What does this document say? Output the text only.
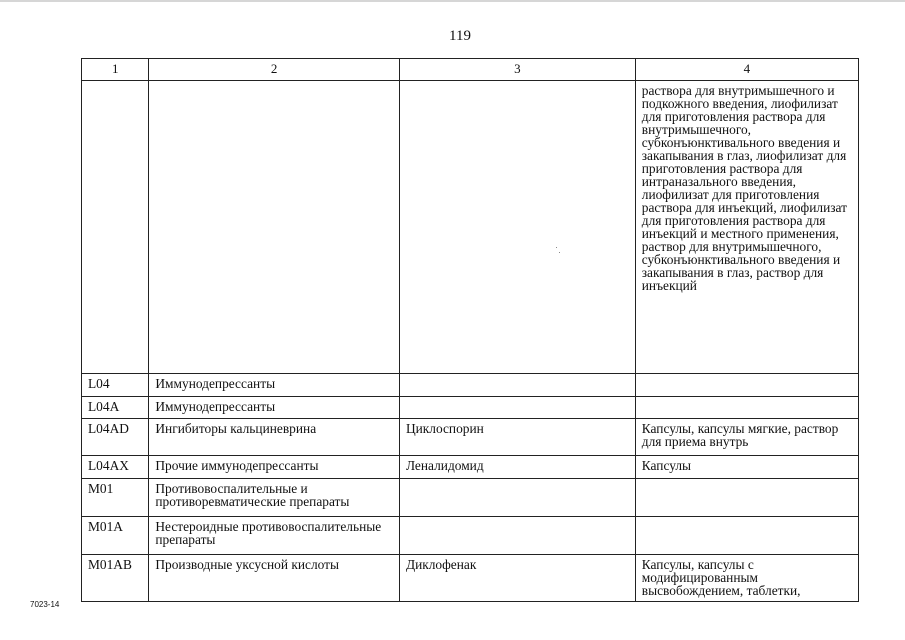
119
1	2	3	4
			раствора для внутримышечного и подкожного введения, лиофилизат для приготовления раствора для внутримышечного, субконъюнктивального введения и закапывания в глаз, лиофилизат для приготовления раствора для интраназального введения, лиофилизат для приготовления раствора для инъекций, лиофилизат для приготовления раствора для инъекций и местного применения, раствор для внутримышечного, субконъюнктивального введения и закапывания в глаз, раствор для инъекций
L04	Иммунодепрессанты		
L04A	Иммунодепрессанты		
L04AD	Ингибиторы кальциневрина	Циклоспорин	Капсулы, капсулы мягкие, раствор для приема внутрь
L04AX	Прочие иммунодепрессанты	Леналидомид	Капсулы
M01	Противовоспалительные и противоревматические препараты		
M01A	Нестероидные противовоспалительные препараты		
M01AB	Производные уксусной кислоты	Диклофенак	Капсулы, капсулы с модифицированным высвобождением, таблетки,
7023-14
